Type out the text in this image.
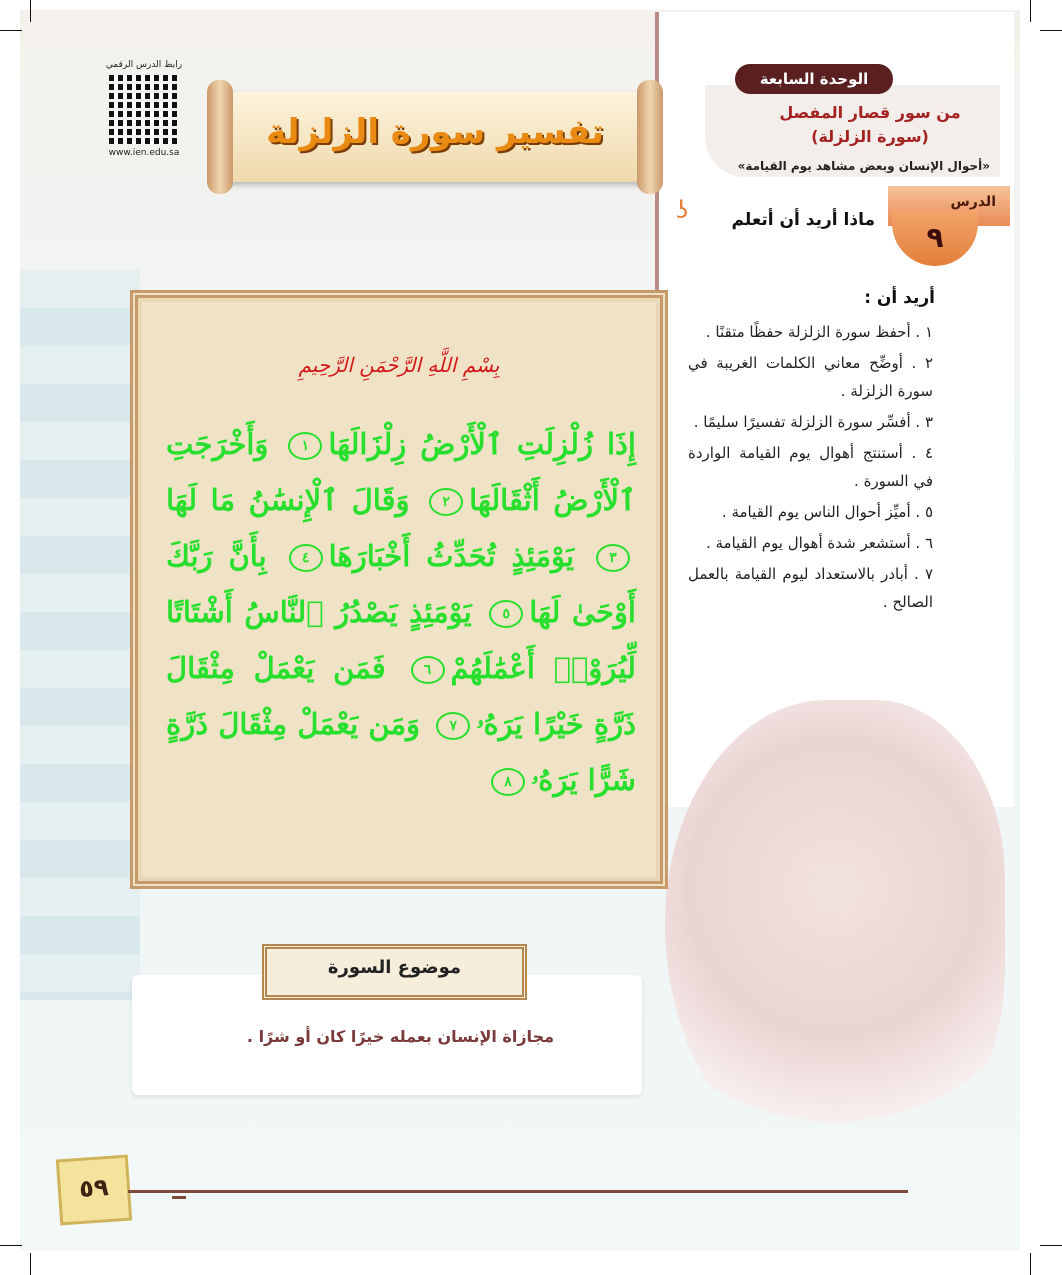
رابط الدرس الرقمي
www.ien.edu.sa
تفسير سورة الزلزلة	من سور قصار المفصل
(سورة الزلزلة)
«أحوال الإنسان وبعض مشاهد يوم القيامة»
الوحدة السابعة
الدرس
٩
ʖ	ماذا أريد أن أتعلم
أريد أن :
١ . أحفظ سورة الزلزلة حفظًا متقنًا .
٢ . أوضِّح معاني الكلمات الغريبة في سورة الزلزلة .
٣ . أفسِّر سورة الزلزلة تفسيرًا سليمًا .
٤ . أستنتج أهوال يوم القيامة الواردة في السورة .
٥ . أميِّز أحوال الناس يوم القيامة .
٦ . أستشعر شدة أهوال يوم القيامة .
٧ . أبادر بالاستعداد ليوم القيامة بالعمل الصالح .
بِسْمِ اللَّهِ الرَّحْمَنِ الرَّحِيمِ
إِذَا زُلْزِلَتِ ٱلْأَرْضُ زِلْزَالَهَا١ وَأَخْرَجَتِ ٱلْأَرْضُ أَثْقَالَهَا٢ وَقَالَ ٱلْإِنسَٰنُ مَا لَهَا٣ يَوْمَئِذٍ تُحَدِّثُ أَخْبَارَهَا٤ بِأَنَّ رَبَّكَ أَوْحَىٰ لَهَا٥ يَوْمَئِذٍ يَصْدُرُ ٱلنَّاسُ أَشْتَاتًا لِّيُرَوْا۟ أَعْمَٰلَهُمْ٦ فَمَن يَعْمَلْ مِثْقَالَ ذَرَّةٍ خَيْرًا يَرَهُۥ٧ وَمَن يَعْمَلْ مِثْقَالَ ذَرَّةٍ شَرًّا يَرَهُۥ٨
مجازاة الإنسان بعمله خيرًا كان أو شرًا .
موضوع السورة
٥٩
